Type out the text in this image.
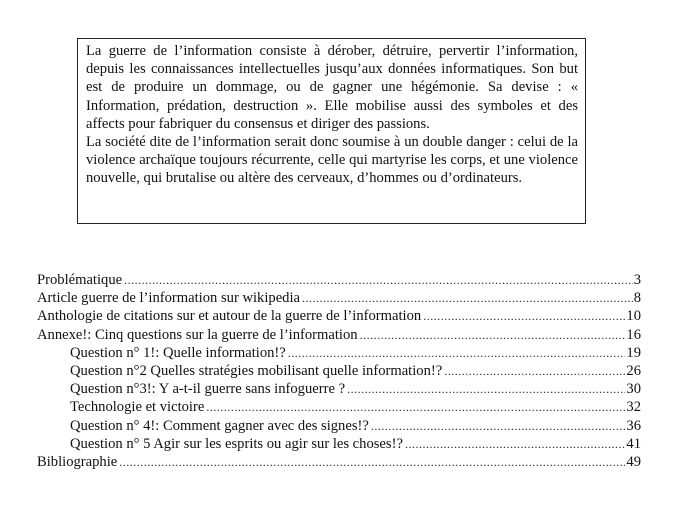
La guerre de l’information consiste à dérober, détruire, pervertir l’information, depuis les connaissances intellectuelles jusqu’aux données informatiques. Son but est de produire un dommage, ou de gagner une hégémonie. Sa devise : « Information, prédation, destruction ». Elle mobilise aussi des symboles et des affects pour fabriquer du consensus et diriger des passions.

La société dite de l’information serait donc soumise à un double danger : celui de la violence archaïque toujours récurrente, celle qui martyrise les corps, et une violence nouvelle, qui brutalise ou altère des cerveaux, d’hommes ou d’ordinateurs.

Problématique .....	3
Article guerre de l’information sur wikipedia .....	8
Anthologie de citations sur et autour de la guerre de l’information .....	10
Annexe!: Cinq questions sur la guerre de l’information .....	16
Question n° 1!: Quelle information!? .....	19
Question n°2 Quelles stratégies mobilisant quelle information!? .....	26
Question n°3!: Y a-t-il guerre sans infoguerre ? .....	30
Technologie et victoire .....	32
Question n° 4!: Comment gagner avec des signes!? .....	36
Question n° 5 Agir sur les esprits ou agir sur les choses!? .....	41
Bibliographie .....	49
